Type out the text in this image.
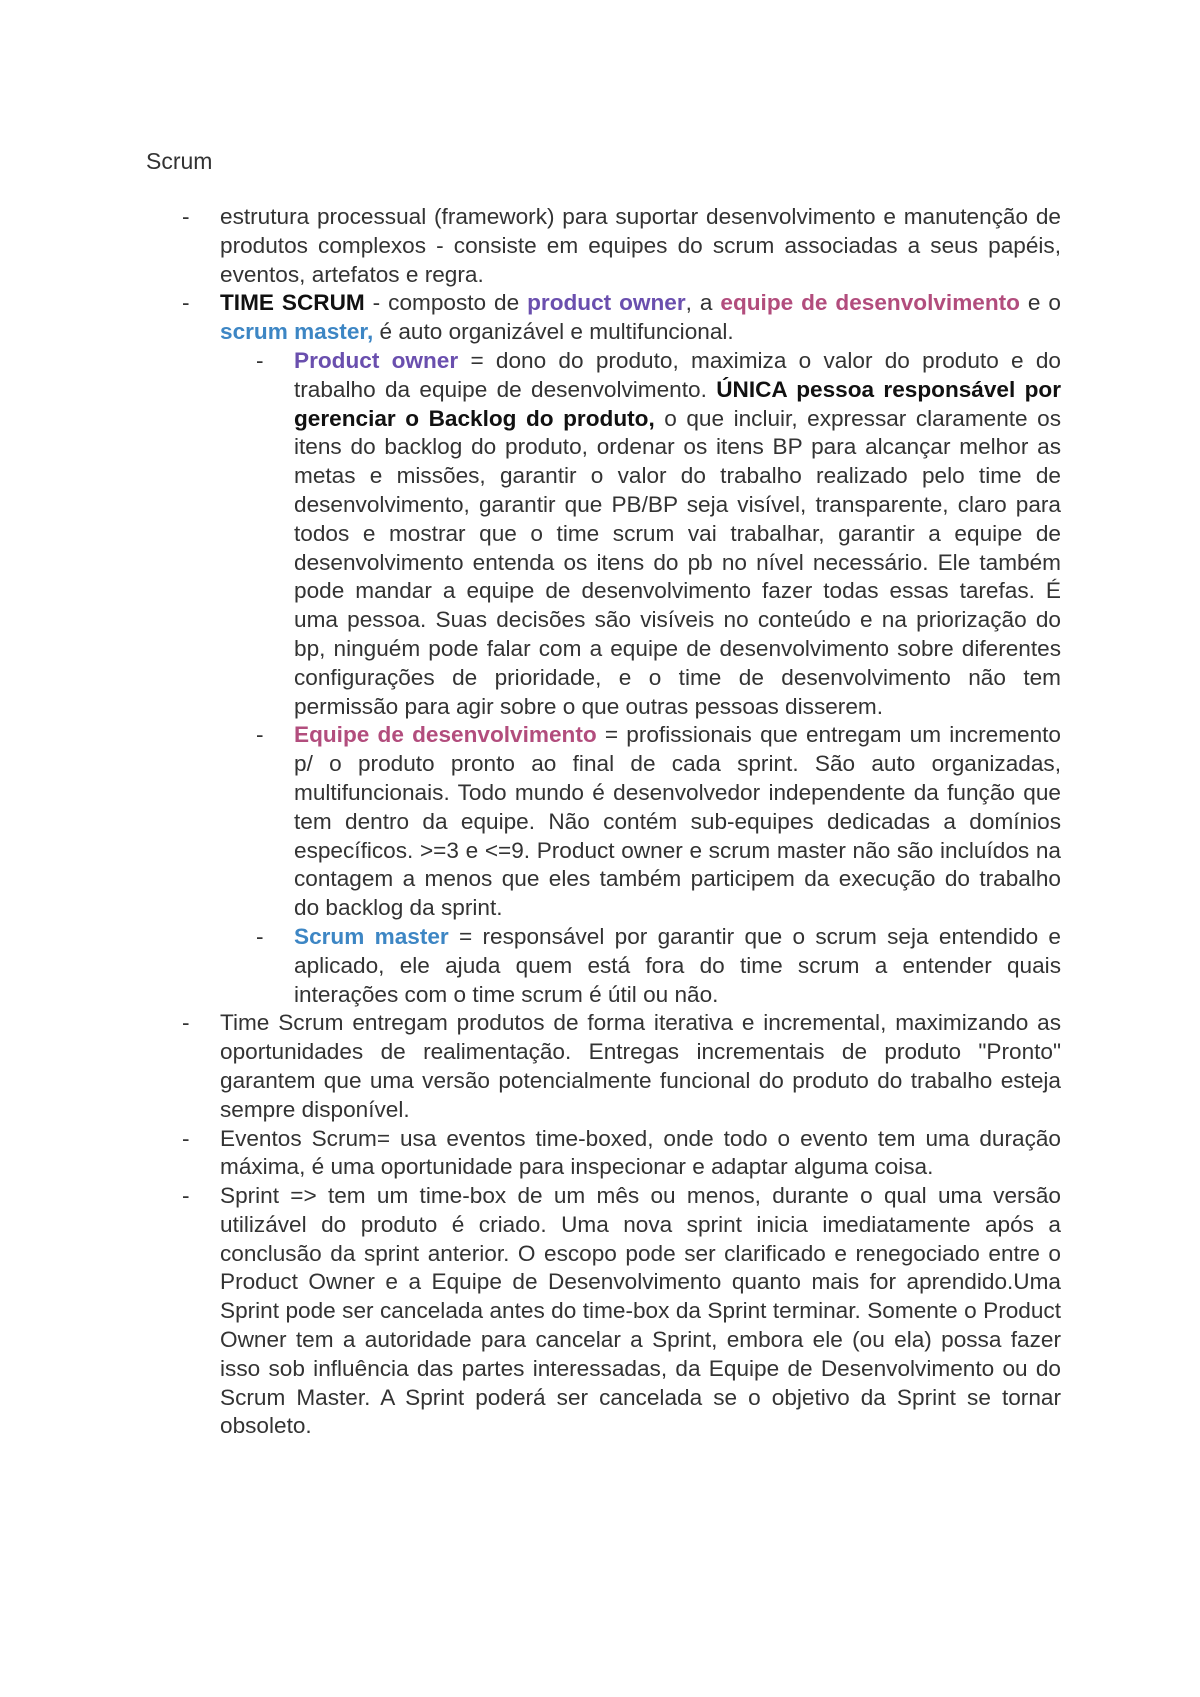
Scrum
- estrutura processual (framework) para suportar desenvolvimento e manutenção de produtos complexos - consiste em equipes do scrum associadas a seus papéis, eventos, artefatos e regra.
- TIME SCRUM - composto de product owner, a equipe de desenvolvimento e o scrum master, é auto organizável e multifuncional.
- Product owner = dono do produto, maximiza o valor do produto e do trabalho da equipe de desenvolvimento. ÚNICA pessoa responsável por gerenciar o Backlog do produto, o que incluir, expressar claramente os itens do backlog do produto, ordenar os itens BP para alcançar melhor as metas e missões, garantir o valor do trabalho realizado pelo time de desenvolvimento, garantir que PB/BP seja visível, transparente, claro para todos e mostrar que o time scrum vai trabalhar, garantir a equipe de desenvolvimento entenda os itens do pb no nível necessário. Ele também pode mandar a equipe de desenvolvimento fazer todas essas tarefas. É uma pessoa. Suas decisões são visíveis no conteúdo e na priorização do bp, ninguém pode falar com a equipe de desenvolvimento sobre diferentes configurações de prioridade, e o time de desenvolvimento não tem permissão para agir sobre o que outras pessoas disserem.
- Equipe de desenvolvimento = profissionais que entregam um incremento p/ o produto pronto ao final de cada sprint. São auto organizadas, multifuncionais. Todo mundo é desenvolvedor independente da função que tem dentro da equipe. Não contém sub-equipes dedicadas a domínios específicos. >=3 e <=9. Product owner e scrum master não são incluídos na contagem a menos que eles também participem da execução do trabalho do backlog da sprint.
- Scrum master = responsável por garantir que o scrum seja entendido e aplicado, ele ajuda quem está fora do time scrum a entender quais interações com o time scrum é útil ou não.
- Time Scrum entregam produtos de forma iterativa e incremental, maximizando as oportunidades de realimentação. Entregas incrementais de produto "Pronto" garantem que uma versão potencialmente funcional do produto do trabalho esteja sempre disponível.
- Eventos Scrum= usa eventos time-boxed, onde todo o evento tem uma duração máxima, é uma oportunidade para inspecionar e adaptar alguma coisa.
- Sprint => tem um time-box de um mês ou menos, durante o qual uma versão utilizável do produto é criado. Uma nova sprint inicia imediatamente após a conclusão da sprint anterior. O escopo pode ser clarificado e renegociado entre o Product Owner e a Equipe de Desenvolvimento quanto mais for aprendido.Uma Sprint pode ser cancelada antes do time-box da Sprint terminar. Somente o Product Owner tem a autoridade para cancelar a Sprint, embora ele (ou ela) possa fazer isso sob influência das partes interessadas, da Equipe de Desenvolvimento ou do Scrum Master. A Sprint poderá ser cancelada se o objetivo da Sprint se tornar obsoleto.
